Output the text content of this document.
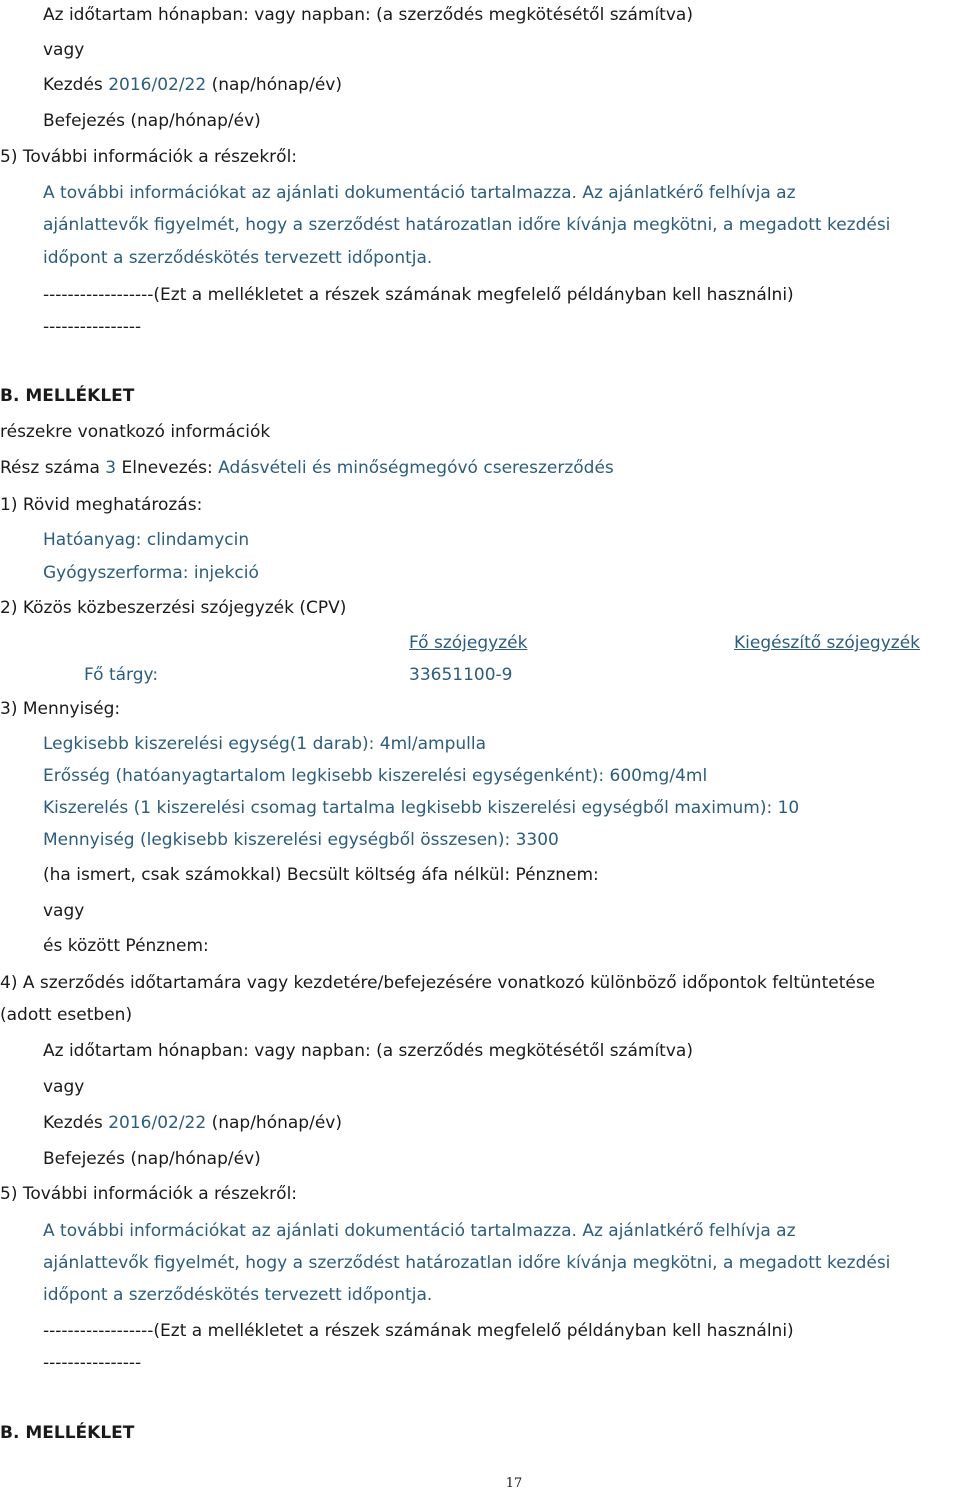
Az időtartam hónapban: vagy napban: (a szerződés megkötésétől számítva)
vagy
Kezdés 2016/02/22 (nap/hónap/év)
Befejezés (nap/hónap/év)
5) További információk a részekről:
A további információkat az ajánlati dokumentáció tartalmazza. Az ajánlatkérő felhívja az
ajánlattevők figyelmét, hogy a szerződést határozatlan időre kívánja megkötni, a megadott kezdési
időpont a szerződéskötés tervezett időpontja.
------------------(Ezt a mellékletet a részek számának megfelelő példányban kell használni)
----------------
B. MELLÉKLET
részekre vonatkozó információk
Rész száma 3 Elnevezés: Adásvételi és minőségmegóvó csereszerződés
1) Rövid meghatározás:
Hatóanyag: clindamycin
Gyógyszerforma: injekció
2) Közös közbeszerzési szójegyzék (CPV)
Fő szójegyzék	Kiegészítő szójegyzék
Fő tárgy:	33651100-9
3) Mennyiség:
Legkisebb kiszerelési egység(1 darab): 4ml/ampulla
Erősség (hatóanyagtartalom legkisebb kiszerelési egységenként): 600mg/4ml
Kiszerelés (1 kiszerelési csomag tartalma legkisebb kiszerelési egységből maximum): 10
Mennyiség (legkisebb kiszerelési egységből összesen): 3300
(ha ismert, csak számokkal) Becsült költség áfa nélkül: Pénznem:
vagy
és között Pénznem:
4) A szerződés időtartamára vagy kezdetére/befejezésére vonatkozó különböző időpontok feltüntetése
(adott esetben)
Az időtartam hónapban: vagy napban: (a szerződés megkötésétől számítva)
vagy
Kezdés 2016/02/22 (nap/hónap/év)
Befejezés (nap/hónap/év)
5) További információk a részekről:
A további információkat az ajánlati dokumentáció tartalmazza. Az ajánlatkérő felhívja az
ajánlattevők figyelmét, hogy a szerződést határozatlan időre kívánja megkötni, a megadott kezdési
időpont a szerződéskötés tervezett időpontja.
------------------(Ezt a mellékletet a részek számának megfelelő példányban kell használni)
----------------
B. MELLÉKLET
17
